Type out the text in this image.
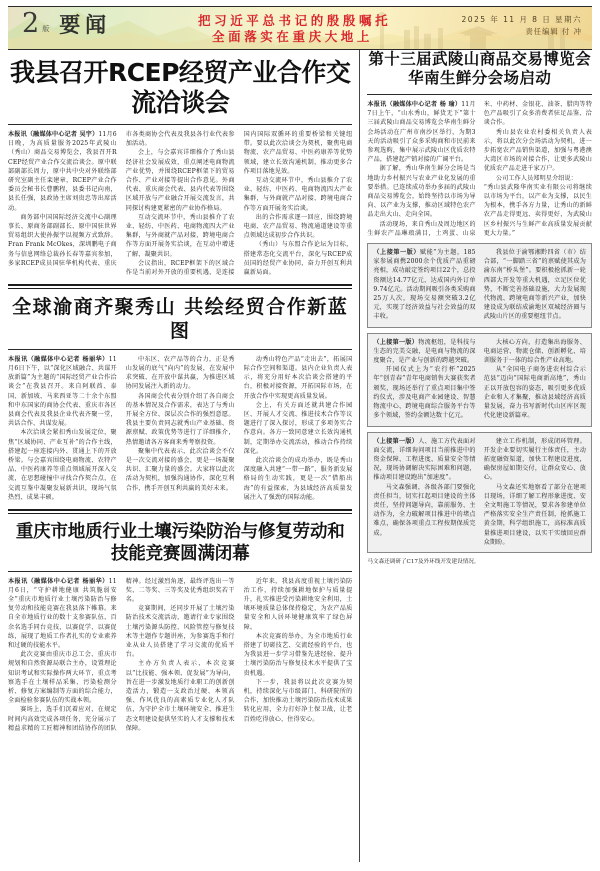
2 版 要闻	把习近平总书记的殷殷嘱托
全面落实在重庆大地上
2025 年 11 月 8 日 星期六
责任编辑 付 冲
我县召开RCEP经贸产业合作交流洽谈会

本报讯（融媒体中心记者 吴宇）11月6日晚，为高质量服务2025年武陵山（秀山）商品交易博览会，我县召开RCEP经贸产业合作交流洽谈会。原中联部副部长周力，原中共中央对外联络部研究室副主任栾建章，RCEP产业合作委员会秘书长曹鹏程，县委书记向南，县长任强，县政协主席刘贵忠等出席活动。

商务部中国国际经济交流中心副理事长、原商务部副部长、原中国驻世界贸易组织大使孙振宇以视频方式致辞。Fran Frank McOkes，深圳鹏电子商务与信息网络总裁孙长春等嘉宾参加，多家RCEP成员国驻华机构代表、重庆市各类商协会代表及我县各行业代表参加活动。

会上，与会嘉宾详细推介了秀山县经济社会发展成效，重点阐述电商物流产业优势，并围绕RCEP框架下的贸易合作、产业对接等提出合作意见。外商代表、重庆商会代表、县内代表等围绕区域开放与产业融合开展交流发言，共同探讨构建更紧密的产业协作格局。

互动交流环节中，秀山县推介了农业、轻纺、中医药、电商物流四大产业集群，与外商就产品对接、跨境电商合作等方面开展务实洽谈，在互动中增进了解、凝聚共识。

会议指出，RCEP框架下的区域合作是当前对外开放的重要机遇，是连接国内国际双循环的重要桥梁和关键纽带。要以此次洽谈会为契机，聚焦电商物流、农产品贸易、中医药康养等优势领域，建立长效沟通机制，推动更多合作项目落地见效。

互动交流环节中，秀山县推介了农业、轻纺、中医药、电商物流四大产业集群，与外商就产品对接、跨境电商合作等方面开展务实洽谈。

出的合作需求逐一回应，围绕跨境电商、农产品贸易、物流通道建设等重点领域达成初步合作共识。

（秀山）与东盟合作论坛为目标，搭建常态化交流平台，深化与RCEP成员国的经贸产业协同，奋力开创互利共赢新局面。

全球渝商齐聚秀山 共绘经贸合作新蓝图

本报讯（融媒体中心记者 杨丽华）11月6日下午，以“深化区域融合、共谋开放新篇”为主题的“国际经贸产业合作洽谈会”在我县召开。来自阿联酋、泰国、新加坡、马来西亚等二十余个东盟和中东国家的商协会代表、重庆市各区县商会代表及我县企业代表齐聚一堂，共话合作、共谋发展。

本次洽谈会紧扣秀山发展定位，聚焦“区域协同、产业互补”的合作主线，搭建起一座连接内外、贯通上下的开放桥梁。与会嘉宾围绕电商物流、农特产品、中医药康养等重点领域展开深入交流，在思想碰撞中寻找合作契合点，在交流互鉴中凝聚发展新共识，现场气氛热烈、成果丰硕。

中东区、农产品等的合力，正是秀山发展的底气“向内”的发展，在发展中求突破、在开放中谋共赢，为推进区域协同发展注入新的动力。

各国商会代表分别介绍了各自商会的基本情况及合作需求，表达了与秀山开展全方位、深层次合作的强烈意愿。我县主要负责同志就秀山产业基础、资源禀赋、政策优势等进行了详细推介，热情邀请各方客商来秀考察投资。

聚集中代表表示，此次洽谈会不仅是一次交流对接的盛会，更是一场凝聚共识、汇聚力量的盛会。大家将以此次活动为契机，加强沟通协作，深化互利合作，携手开创互利共赢的美好未来。

动秀山特色产品“走出去”，拓展国际合作空间和渠道。县内企业负责人表示，将充分用好本次洽谈会搭建的平台，积极对接资源，开拓国际市场，在开放合作中实现更高质量发展。

会上，有关方面还就共建合作园区、开展人才交流、推进技术合作等议题进行了深入探讨，形成了多项务实合作意向。各方一致同意建立长效沟通机制，定期举办交流活动，推动合作持续深化。

此次洽谈会的成功举办，既是秀山深度融入共建“一带一路”、服务新发展格局的生动实践，更是一次“借船出海”的有益探索，为县域经济高质量发展注入了强劲的国际动能。

重庆市地质行业土壤污染防治与修复劳动和技能竞赛圆满闭幕

本报讯（融媒体中心记者 杨丽华）11月6日，“守护耕地健康 共筑脆弱安全”重庆市地质行业土壤污染防治与修复劳动和技能竞赛在我县落下帷幕。来自全市地质行业的数十支参赛队伍、百余名选手同台竞技，以赛促学、以赛促练，展现了地质工作者扎实的专业素养和过硬的技能水平。

此次竞赛由重庆市总工会、重庆市规划和自然资源局联合主办，设置理论知识考试和实际操作两大环节，重点考察选手在土壤样品采集、污染检测分析、修复方案编制等方面的综合能力，全面检验参赛队伍的实战本领。

赛场上，选手们沉着应对，在规定时间内高效完成各项任务，充分展示了精益求精的工匠精神和团结协作的团队精神。经过激烈角逐，最终评选出一等奖、二等奖、三等奖及优秀组织奖若干名。

竞赛期间，还同步开展了土壤污染防治技术交流活动，邀请行业专家围绕土壤污染源头防控、风险管控与修复技术等主题作专题讲座，为参赛选手和行业从业人员搭建了学习交流的优质平台。

主办方负责人表示，本次竞赛以“比技能、强本领、促发展”为导向，旨在进一步激发地质行业职工的创新创造活力，锻造一支政治过硬、本领高强、作风优良的高素质专业化人才队伍，为守护全市土壤环境安全、推进生态文明建设提供坚实的人才支撑和技术保障。

近年来，我县高度重视土壤污染防治工作，持续加强耕地保护与质量提升，扎实推进受污染耕地安全利用，土壤环境质量总体保持稳定，为农产品质量安全和人居环境健康筑牢了绿色屏障。

本次竞赛的举办，为全市地质行业搭建了切磋技艺、交流经验的平台，也为我县进一步学习借鉴先进经验、提升土壤污染防治与修复技术水平提供了宝贵机遇。

下一步，我县将以此次竞赛为契机，持续深化与市级部门、科研院所的合作，加快推动土壤污染防治技术成果转化应用，全力打好净土保卫战，让老百姓吃得放心、住得安心。

第十三届武陵山商品交易博览会
华南生鲜分会场启动

本报讯（融媒体中心记者 杨 瑜）11月7日上午，“山水秀山，鲜货无下”第十三届武陵山商品交易博览会华南生鲜分会场活动在广州市南沙区举行，为期3天的活动吸引了众多采购商和市民前来参观选购，集中展示武陵山区优质农特产品，搭建起产销对接的广阔平台。

据了解，秀山华南生鲜分会场是当地助力乡村振兴与农业产业化发展的重要举措。已连续成功举办多届的武陵山商品交易博览会，始终坚持以市场为导向、以产业为支撑，推动区域特色农产品走出大山、走向全国。

活动现场，来自秀山及周边地区的生鲜农产品琳琅满目，土鸡蛋、山泉米、中药材、金银花、油茶、腊肉等特色产品吸引了众多消费者驻足品鉴、洽谈合作。

秀山县农业农村委相关负责人表示，将以此次分会场活动为契机，进一步拓宽农产品销售渠道，加强与粤港澳大湾区市场的对接合作，让更多武陵山优质农产品走进千家万户。

公司工作人员郑明星介绍说：

“秀山县武隆华南实业有限公司将继续以市场为平台，以产业为支撑，以民生为根本，携手各方力量，让秀山的新鲜农产品走得更远、卖得更好，为武陵山区乡村振兴与生鲜产业高质量发展贡献更大力量。”

（上接第一版）赋能”为主题，185家参展商携2000余个优质产品重磅亮相，成功敲定签约项目22个，总投资额达14.77亿元，达成国内外订单9.74亿元。活动期间吸引各类采购商25万人次，现场交易额突破3.2亿元，实现了经济效益与社会效益的双丰收。

我县位于渝鄂湘黔四省（市）结合部，“一脚踏三省”的禀赋使其成为渝东南“桥头堡”。要积极抢抓新一轮西部大开发等重大机遇，立足区位优势，不断完善基础设施，大力发展现代物流、跨境电商等新兴产业，加快建设成为联结成渝地区双城经济圈与武陵山片区的重要枢纽节点。

（上接第一版）物流枢纽，是科技与生态的完美交融，是电商与物流的深度聚合，是产业与创新的跨越突破。

开园仪式上为“农行杯”2025年“创青春”青年电商销售大赛获奖者颁奖，现场还举行了重点项目集中签约仪式，涉及电商产业园建设、智慧物流中心、跨境电商综合服务平台等多个领域，签约金额达数十亿元。

大核心方向，打造集出海服务、电商运营、物流仓储、创新孵化、培训服务于一体的综合性产业高地。

从“全国电子商务进农村综合示范县”迈向“国际电商新高地”，秀山正以开放包容的姿态，吸引更多优质企业和人才集聚，推动县域经济高质量发展，奋力书写新时代山区库区现代化建设新篇章。

（上接第一版）人、施工方代表面对面交流，详细询问项目当前推进中的资金保障、工程进度、质量安全等情况，现场协调解决实际困难和问题，推动项目建设跑出“加速度”。

马文森强调，各级各部门要强化责任担当，切实扛起项目建设的主体责任，坚持问题导向，靠前服务、主动作为，全力破解项目推进中的堵点难点，确保各项重点工程按期保质完成。

建立工作机制，形成闭环管理。开发企业要切实履行主体责任，主动拓宽融资渠道，加快工程建设进度，确保房屋如期交付，让群众安心、放心。

马文森还实地察看了部分在建项目现场，详细了解工程形象进度、安全文明施工等情况，要求各参建单位严格落实安全生产责任制，抢抓施工黄金期，科学组织施工，高标准高质量推进项目建设，以实干实绩回应群众期盼。

马文森还调研了C17及外环线开发建设情况。
